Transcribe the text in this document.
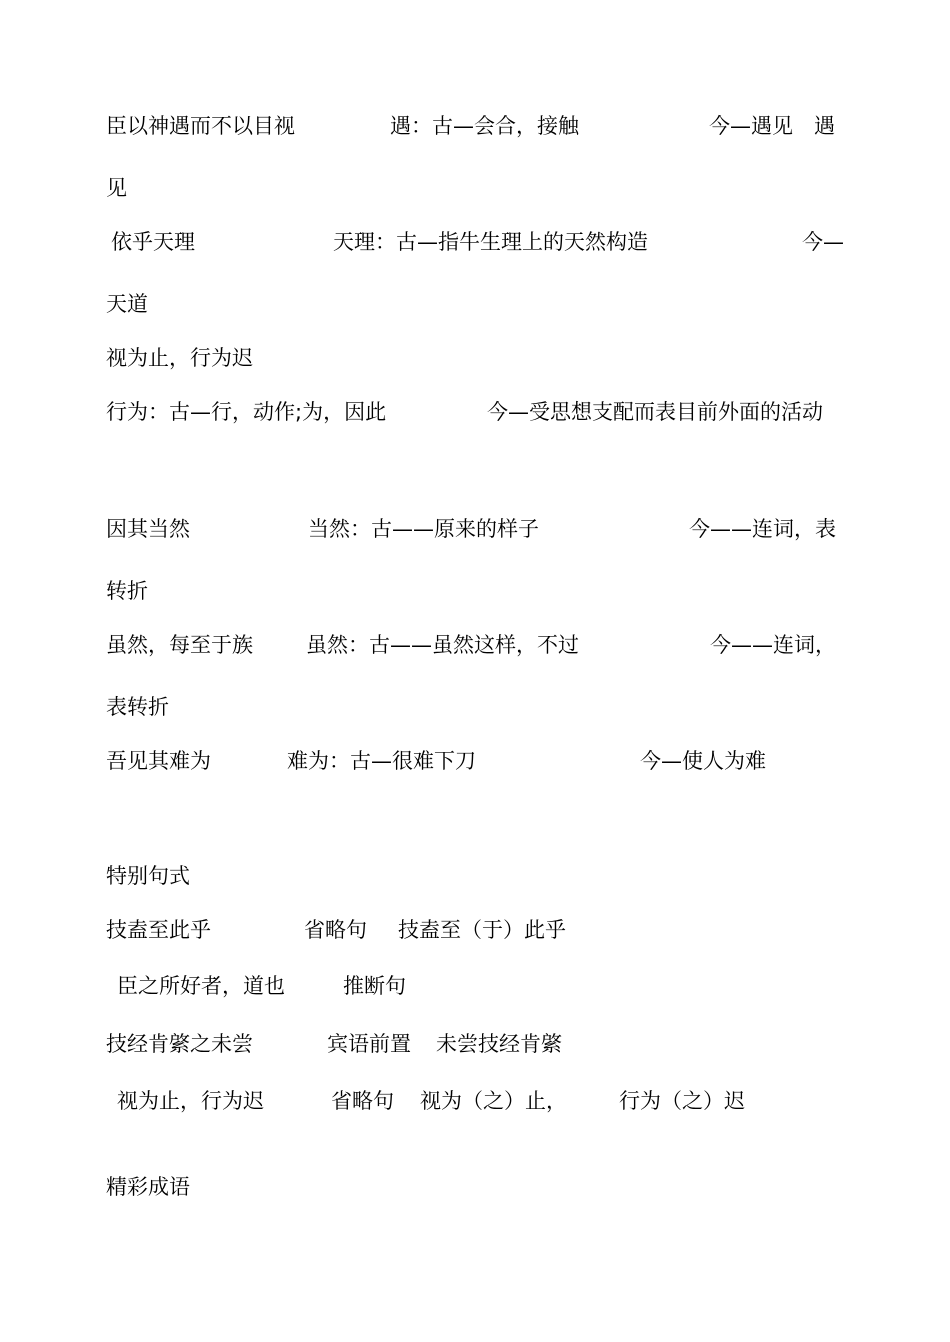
臣以神遇而不以目视	遇：古—会合，接触	今—遇见　遇
见
依乎天理	天理：古—指牛生理上的天然构造	今—
天道
视为止，行为迟
行为：古—行，动作;为，因此	今—受思想支配而表目前外面的活动
因其当然	当然：古——原来的样子	今——连词，表
转折
虽然，每至于族	虽然：古——虽然这样，不过	今——连词，
表转折
吾见其难为	难为：古—很难下刀	今—使人为难
特别句式
技盍至此乎	省略句 技盍至（于）此乎
臣之所好者，道也	推断句
技经肯綮之未尝	宾语前置 未尝技经肯綮
视为止，行为迟	省略句 视为（之）止， 行为（之）迟
精彩成语
